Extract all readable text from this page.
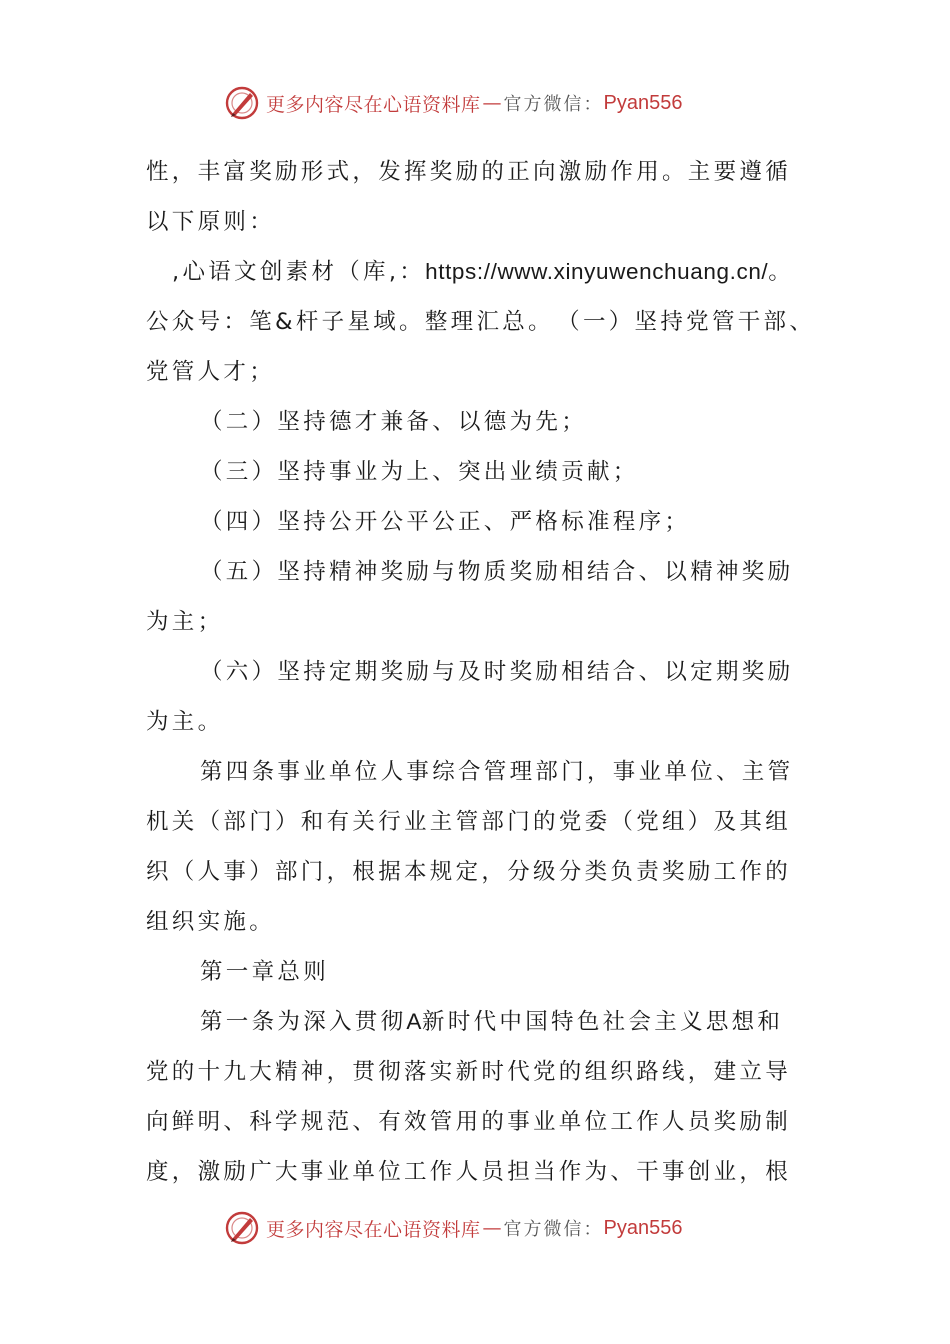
更多内容尽在心语资料库 — 官方微信： Pyan556
性，丰富奖励形式，发挥奖励的正向激励作用。主要遵循
以下原则：
,心语文创素材（库,：https://www.xinyuwenchuang.cn/。
公众号：笔&杆子星域。整理汇总。　（一）坚持党管干部、
党管人才；
（二）坚持德才兼备、以德为先；
（三）坚持事业为上、突出业绩贡献；
（四）坚持公开公平公正、严格标准程序；
（五）坚持精神奖励与物质奖励相结合、以精神奖励
为主；
（六）坚持定期奖励与及时奖励相结合、以定期奖励
为主。
第四条事业单位人事综合管理部门，事业单位、主管
机关（部门）和有关行业主管部门的党委（党组）及其组
织（人事）部门，根据本规定，分级分类负责奖励工作的
组织实施。
第一章总则
第一条为深入贯彻A新时代中国特色社会主义思想和
党的十九大精神，贯彻落实新时代党的组织路线，建立导
向鲜明、科学规范、有效管用的事业单位工作人员奖励制
度，激励广大事业单位工作人员担当作为、干事创业，根
更多内容尽在心语资料库 — 官方微信： Pyan556
